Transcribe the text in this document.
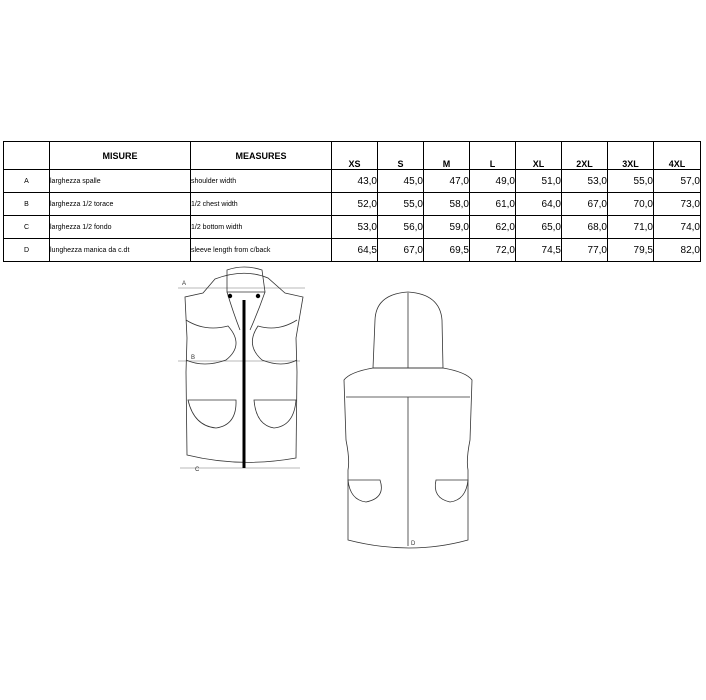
	MISURE	MEASURES	XS	S	M	L	XL	2XL	3XL	4XL
A	larghezza spalle	shoulder width	43,0	45,0	47,0	49,0	51,0	53,0	55,0	57,0
B	larghezza 1/2 torace	1/2 chest width	52,0	55,0	58,0	61,0	64,0	67,0	70,0	73,0
C	larghezza 1/2 fondo	1/2 bottom width	53,0	56,0	59,0	62,0	65,0	68,0	71,0	74,0
D	lunghezza manica da c.dt	sleeve length from c/back	64,5	67,0	69,5	72,0	74,5	77,0	79,5	82,0
A
B
C
D
